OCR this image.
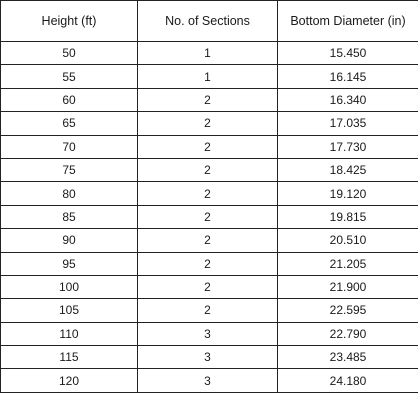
Height (ft)	No. of Sections	Bottom Diameter (in)
50	1	15.450
55	1	16.145
60	2	16.340
65	2	17.035
70	2	17.730
75	2	18.425
80	2	19.120
85	2	19.815
90	2	20.510
95	2	21.205
100	2	21.900
105	2	22.595
110	3	22.790
115	3	23.485
120	3	24.180
